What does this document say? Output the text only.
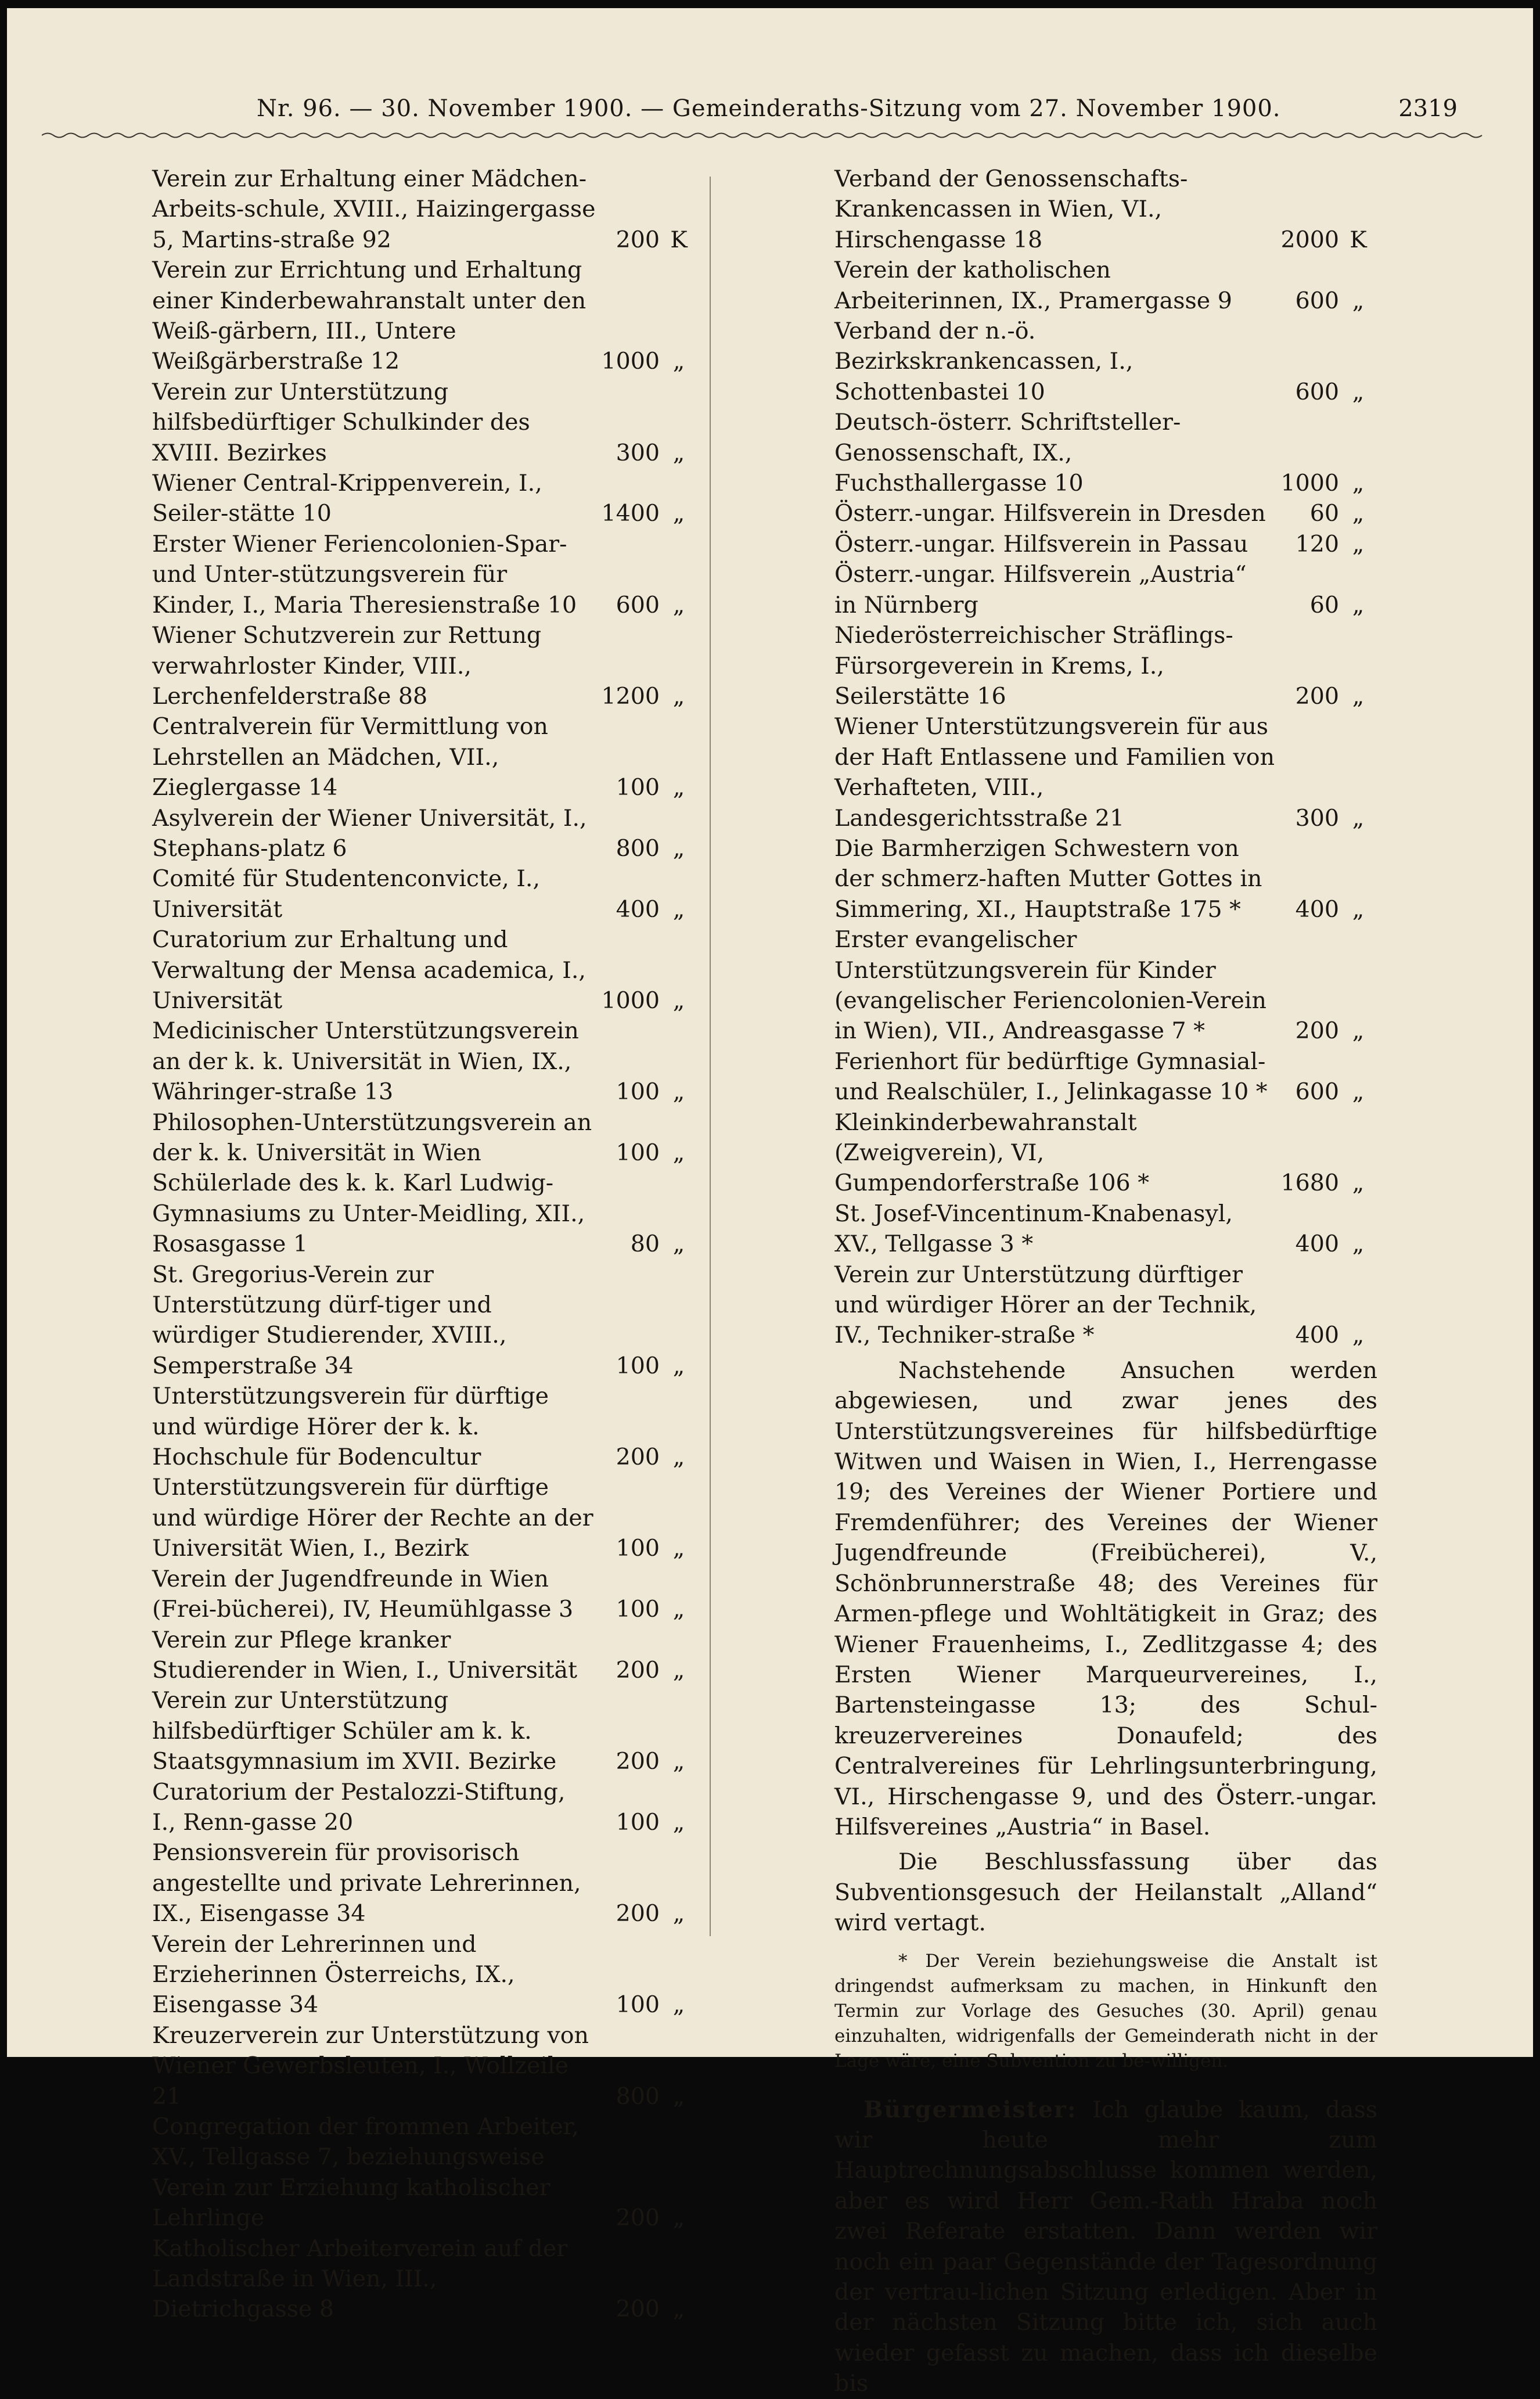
Nr. 96. — 30. November 1900. — Gemeinderaths-Sitzung vom 27. November 1900.	2319
Verein zur Erhaltung einer Mädchen-Arbeits-schule, XVIII., Haizingergasse 5, Martins-straße 92	200 K
Verein zur Errichtung und Erhaltung einer Kinderbewahranstalt unter den Weiß-gärbern, III., Untere Weißgärberstraße 12	1000 „
Verein zur Unterstützung hilfsbedürftiger Schulkinder des XVIII. Bezirkes	300 „
Wiener Central-Krippenverein, I., Seiler-stätte 10	1400 „
Erster Wiener Feriencolonien-Spar- und Unter-stützungsverein für Kinder, I., Maria Theresienstraße 10	600 „
Wiener Schutzverein zur Rettung verwahrloster Kinder, VIII., Lerchenfelderstraße 88	1200 „
Centralverein für Vermittlung von Lehrstellen an Mädchen, VII., Zieglergasse 14	100 „
Asylverein der Wiener Universität, I., Stephans-platz 6	800 „
Comité für Studentenconvicte, I., Universität	400 „
Curatorium zur Erhaltung und Verwaltung der Mensa academica, I., Universität	1000 „
Medicinischer Unterstützungsverein an der k. k. Universität in Wien, IX., Währinger-straße 13	100 „
Philosophen-Unterstützungsverein an der k. k. Universität in Wien	100 „
Schülerlade des k. k. Karl Ludwig-Gymnasiums zu Unter-Meidling, XII., Rosasgasse 1	80 „
St. Gregorius-Verein zur Unterstützung dürf-tiger und würdiger Studierender, XVIII., Semperstraße 34	100 „
Unterstützungsverein für dürftige und würdige Hörer der k. k. Hochschule für Bodencultur	200 „
Unterstützungsverein für dürftige und würdige Hörer der Rechte an der Universität Wien, I., Bezirk	100 „
Verein der Jugendfreunde in Wien (Frei-bücherei), IV, Heumühlgasse 3	100 „
Verein zur Pflege kranker Studierender in Wien, I., Universität	200 „
Verein zur Unterstützung hilfsbedürftiger Schüler am k. k. Staatsgymnasium im XVII. Bezirke	200 „
Curatorium der Pestalozzi-Stiftung, I., Renn-gasse 20	100 „
Pensionsverein für provisorisch angestellte und private Lehrerinnen, IX., Eisengasse 34	200 „
Verein der Lehrerinnen und Erzieherinnen Österreichs, IX., Eisengasse 34	100 „
Kreuzerverein zur Unterstützung von Wiener Gewerbsleuten, I., Wollzeile 21	800 „
Congregation der frommen Arbeiter, XV., Tellgasse 7, beziehungsweise Verein zur Erziehung katholischer Lehrlinge	200 „
Katholischer Arbeiterverein auf der Landstraße in Wien, III., Dietrichgasse 8	200 „
Verband der Genossenschafts-Krankencassen in Wien, VI., Hirschengasse 18	2000 K
Verein der katholischen Arbeiterinnen, IX., Pramergasse 9	600 „
Verband der n.-ö. Bezirkskrankencassen, I., Schottenbastei 10	600 „
Deutsch-österr. Schriftsteller-Genossenschaft, IX., Fuchsthallergasse 10	1000 „
Österr.-ungar. Hilfsverein in Dresden	60 „
Österr.-ungar. Hilfsverein in Passau	120 „
Österr.-ungar. Hilfsverein „Austria“ in Nürnberg	60 „
Niederösterreichischer Sträflings-Fürsorgeverein in Krems, I., Seilerstätte 16	200 „
Wiener Unterstützungsverein für aus der Haft Entlassene und Familien von Verhafteten, VIII., Landesgerichtsstraße 21	300 „
Die Barmherzigen Schwestern von der schmerz-haften Mutter Gottes in Simmering, XI., Hauptstraße 175 *	400 „
Erster evangelischer Unterstützungsverein für Kinder (evangelischer Feriencolonien-Verein in Wien), VII., Andreasgasse 7 *	200 „
Ferienhort für bedürftige Gymnasial- und Realschüler, I., Jelinkagasse 10 *	600 „
Kleinkinderbewahranstalt (Zweigverein), VI, Gumpendorferstraße 106 *	1680 „
St. Josef-Vincentinum-Knabenasyl, XV., Tellgasse 3 *	400 „
Verein zur Unterstützung dürftiger und würdiger Hörer an der Technik, IV., Techniker-straße *	400 „
Nachstehende Ansuchen werden abgewiesen, und zwar jenes des Unterstützungsvereines für hilfsbedürftige Witwen und Waisen in Wien, I., Herrengasse 19; des Vereines der Wiener Portiere und Fremdenführer; des Vereines der Wiener Jugendfreunde (Freibücherei), V., Schönbrunnerstraße 48; des Vereines für Armen-pflege und Wohltätigkeit in Graz; des Wiener Frauenheims, I., Zedlitzgasse 4; des Ersten Wiener Marqueurvereines, I., Bartensteingasse 13; des Schul-kreuzervereines Donaufeld; des Centralvereines für Lehrlingsunterbringung, VI., Hirschengasse 9, und des Österr.-ungar. Hilfsvereines „Austria“ in Basel.
Die Beschlussfassung über das Subventionsgesuch der Heilanstalt „Alland“ wird vertagt.
* Der Verein beziehungsweise die Anstalt ist dringendst aufmerksam zu machen, in Hinkunft den Termin zur Vorlage des Gesuches (30. April) genau einzuhalten, widrigenfalls der Gemeinderath nicht in der Lage wäre, eine Subvention zu be-willigen.
Bürgermeister: Ich glaube kaum, dass wir heute mehr zum Hauptrechnungsabschlusse kommen werden, aber es wird Herr Gem.-Rath Hraba noch zwei Referate erstatten. Dann werden wir noch ein paar Gegenstände der Tagesordnung der vertrau-lichen Sitzung erledigen. Aber in der nächsten Sitzung bitte ich, sich auch wieder gefasst zu machen, dass ich dieselbe bis
